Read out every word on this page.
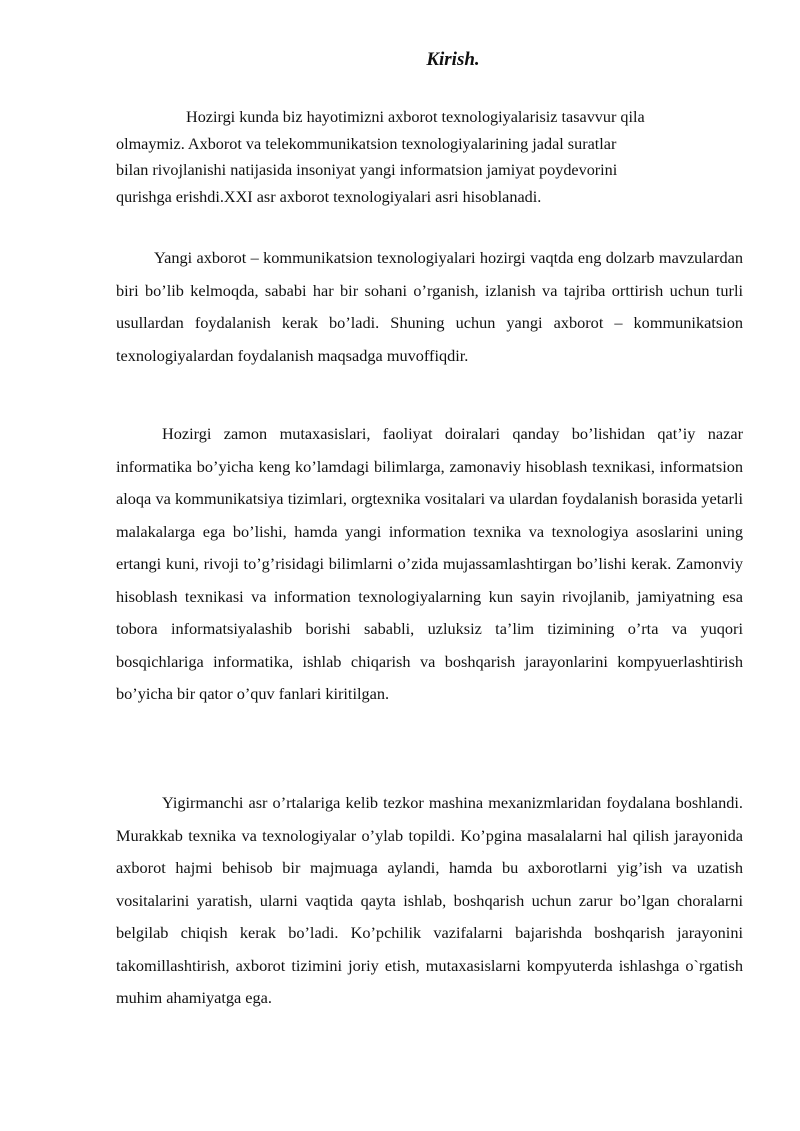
Kirish.

Hozirgi kunda biz hayotimizni axborot texnologiyalarisiz tasavvur qila
olmaymiz. Axborot va telekommunikatsion texnologiyalarining jadal suratlar
bilan rivojlanishi natijasida insoniyat yangi informatsion jamiyat poydevorini
qurishga erishdi.XXI asr axborot texnologiyalari asri hisoblanadi.

Yangi axborot – kommunikatsion texnologiyalari hozirgi vaqtda eng dolzarb mavzulardan biri bo’lib kelmoqda, sababi har bir sohani o’rganish, izlanish va tajriba orttirish uchun turli usullardan foydalanish kerak bo’ladi. Shuning uchun yangi axborot – kommunikatsion texnologiyalardan foydalanish maqsadga muvoffiqdir.

Hozirgi zamon mutaxasislari, faoliyat doiralari qanday bo’lishidan qat’iy nazar informatika bo’yicha keng ko’lamdagi bilimlarga, zamonaviy hisoblash texnikasi, informatsion aloqa va kommunikatsiya tizimlari, orgtexnika vositalari va ulardan foydalanish borasida yetarli malakalarga ega bo’lishi, hamda yangi information texnika va texnologiya asoslarini uning ertangi kuni, rivoji to’g’risidagi bilimlarni o’zida mujassamlashtirgan bo’lishi kerak. Zamonviy hisoblash texnikasi va information texnologiyalarning kun sayin rivojlanib, jamiyatning esa tobora informatsiyalashib borishi sababli, uzluksiz ta’lim tizimining o’rta va yuqori bosqichlariga informatika, ishlab chiqarish va boshqarish jarayonlarini kompyuerlashtirish bo’yicha bir qator o’quv fanlari kiritilgan.

Yigirmanchi asr o’rtalariga kelib tezkor mashina mexanizmlaridan foydalana boshlandi. Murakkab texnika va texnologiyalar o’ylab topildi. Ko’pgina masalalarni hal qilish jarayonida axborot hajmi behisob bir majmuaga aylandi, hamda bu axborotlarni yig’ish va uzatish vositalarini yaratish, ularni vaqtida qayta ishlab, boshqarish uchun zarur bo’lgan choralarni belgilab chiqish kerak bo’ladi. Ko’pchilik vazifalarni bajarishda boshqarish jarayonini takomillashtirish, axborot tizimini joriy etish, mutaxasislarni kompyuterda ishlashga o`rgatish muhim ahamiyatga ega.
